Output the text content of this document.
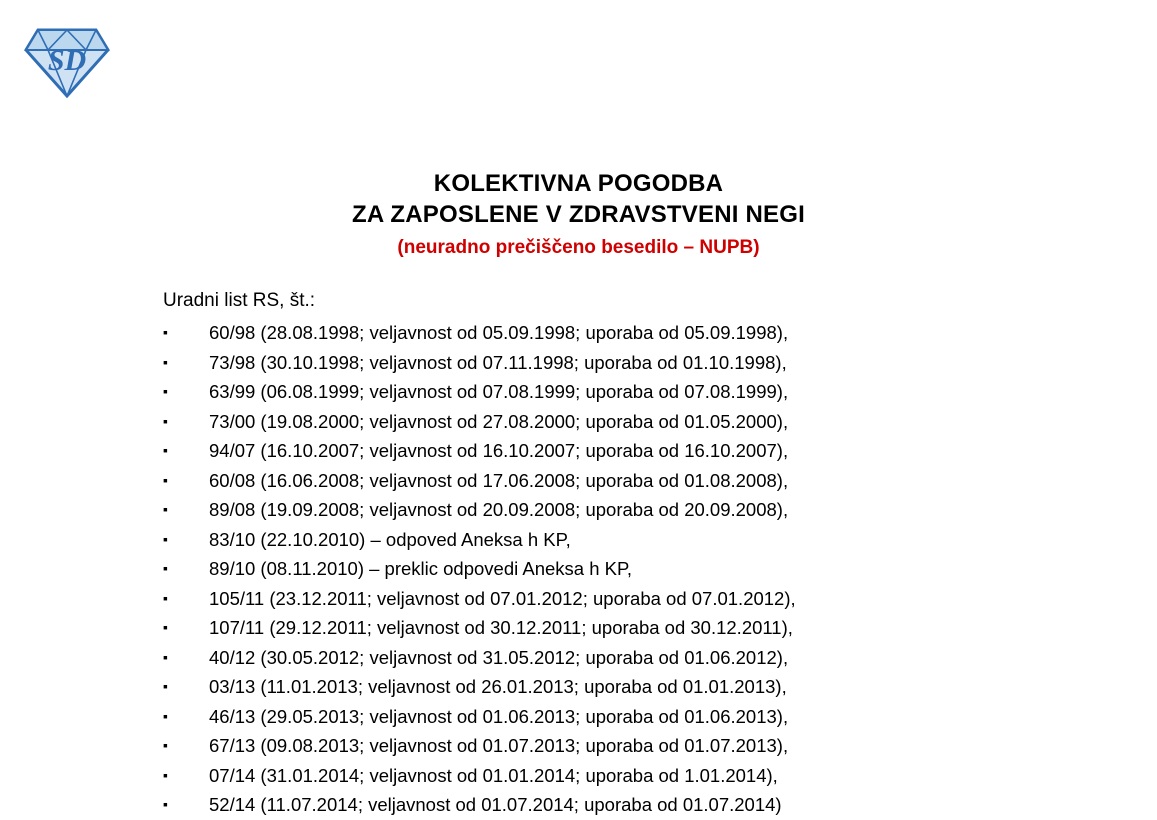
SD
KOLEKTIVNA POGODBA
ZA ZAPOSLENE V ZDRAVSTVENI NEGI
(neuradno prečiščeno besedilo – NUPB)
Uradni list RS, št.:
▪ 60/98 (28.08.1998; veljavnost od 05.09.1998; uporaba od 05.09.1998),
▪ 73/98 (30.10.1998; veljavnost od 07.11.1998; uporaba od 01.10.1998),
▪ 63/99 (06.08.1999; veljavnost od 07.08.1999; uporaba od 07.08.1999),
▪ 73/00 (19.08.2000; veljavnost od 27.08.2000; uporaba od 01.05.2000),
▪ 94/07 (16.10.2007; veljavnost od 16.10.2007; uporaba od 16.10.2007),
▪ 60/08 (16.06.2008; veljavnost od 17.06.2008; uporaba od 01.08.2008),
▪ 89/08 (19.09.2008; veljavnost od 20.09.2008; uporaba od 20.09.2008),
▪ 83/10 (22.10.2010) – odpoved Aneksa h KP,
▪ 89/10 (08.11.2010) – preklic odpovedi Aneksa h KP,
▪ 105/11 (23.12.2011; veljavnost od 07.01.2012; uporaba od 07.01.2012),
▪ 107/11 (29.12.2011; veljavnost od 30.12.2011; uporaba od 30.12.2011),
▪ 40/12 (30.05.2012; veljavnost od 31.05.2012; uporaba od 01.06.2012),
▪ 03/13 (11.01.2013; veljavnost od 26.01.2013; uporaba od 01.01.2013),
▪ 46/13 (29.05.2013; veljavnost od 01.06.2013; uporaba od 01.06.2013),
▪ 67/13 (09.08.2013; veljavnost od 01.07.2013; uporaba od 01.07.2013),
▪ 07/14 (31.01.2014; veljavnost od 01.01.2014; uporaba od 1.01.2014),
▪ 52/14 (11.07.2014; veljavnost od 01.07.2014; uporaba od 01.07.2014)
